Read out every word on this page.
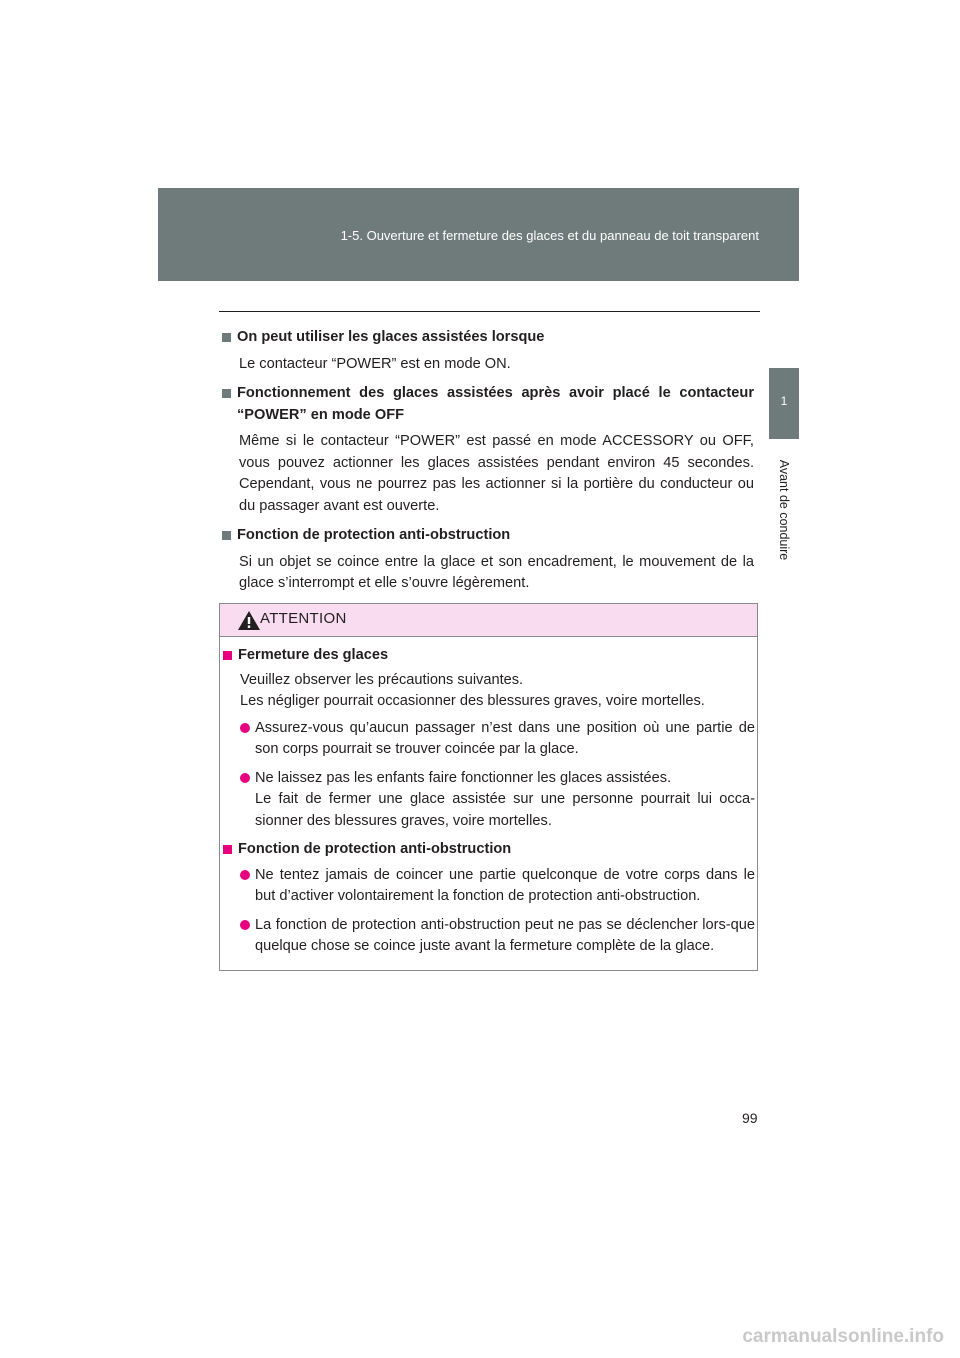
1-5. Ouverture et fermeture des glaces et du panneau de toit transparent
1
Avant de conduire
On peut utiliser les glaces assistées lorsque
Le contacteur “POWER” est en mode ON.
Fonctionnement des glaces assistées après avoir placé le contacteur “POWER” en mode OFF
Même si le contacteur “POWER” est passé en mode ACCESSORY ou OFF, vous pouvez actionner les glaces assistées pendant environ 45 secondes. Cependant, vous ne pourrez pas les actionner si la portière du conducteur ou du passager avant est ouverte.
Fonction de protection anti-obstruction
Si un objet se coince entre la glace et son encadrement, le mouvement de la glace s’interrompt et elle s’ouvre légèrement.
ATTENTION
Fermeture des glaces
Veuillez observer les précautions suivantes.
Les négliger pourrait occasionner des blessures graves, voire mortelles.
Assurez-vous qu’aucun passager n’est dans une position où une partie de son corps pourrait se trouver coincée par la glace.
Ne laissez pas les enfants faire fonctionner les glaces assistées.
Le fait de fermer une glace assistée sur une personne pourrait lui occa-sionner des blessures graves, voire mortelles.
Fonction de protection anti-obstruction
Ne tentez jamais de coincer une partie quelconque de votre corps dans le but d’activer volontairement la fonction de protection anti-obstruction.
La fonction de protection anti-obstruction peut ne pas se déclencher lors-que quelque chose se coince juste avant la fermeture complète de la glace.
99
carmanualsonline.info
